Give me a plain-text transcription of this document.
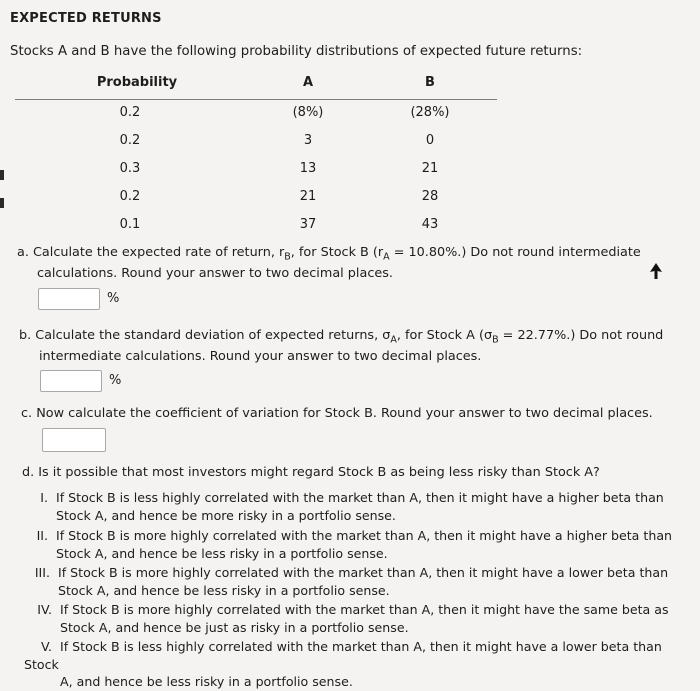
EXPECTED RETURNS
Stocks A and B have the following probability distributions of expected future returns:
Probability	A	B
0.2	(8%)	(28%)
0.2	3	0
0.3	13	21
0.2	21	28
0.1	37	43
a. Calculate the expected rate of return, $r_B$, for Stock B $(r_A = 10.80\%.)$ Do not round intermediate
calculations. Round your answer to two decimal places.
%
b. Calculate the standard deviation of expected returns, $\sigma_A$, for Stock A $(\sigma_B = 22.77\%.)$ Do not round
intermediate calculations. Round your answer to two decimal places.
%
c. Now calculate the coefficient of variation for Stock B. Round your answer to two decimal places.
d. Is it possible that most investors might regard Stock B as being less risky than Stock A?
I. If Stock B is less highly correlated with the market than A, then it might have a higher beta than
Stock A, and hence be more risky in a portfolio sense.
II. If Stock B is more highly correlated with the market than A, then it might have a higher beta than
Stock A, and hence be less risky in a portfolio sense.
III. If Stock B is more highly correlated with the market than A, then it might have a lower beta than
Stock A, and hence be less risky in a portfolio sense.
IV. If Stock B is more highly correlated with the market than A, then it might have the same beta as
Stock A, and hence be just as risky in a portfolio sense.
V. If Stock B is less highly correlated with the market than A, then it might have a lower beta than Stock
A, and hence be less risky in a portfolio sense.
